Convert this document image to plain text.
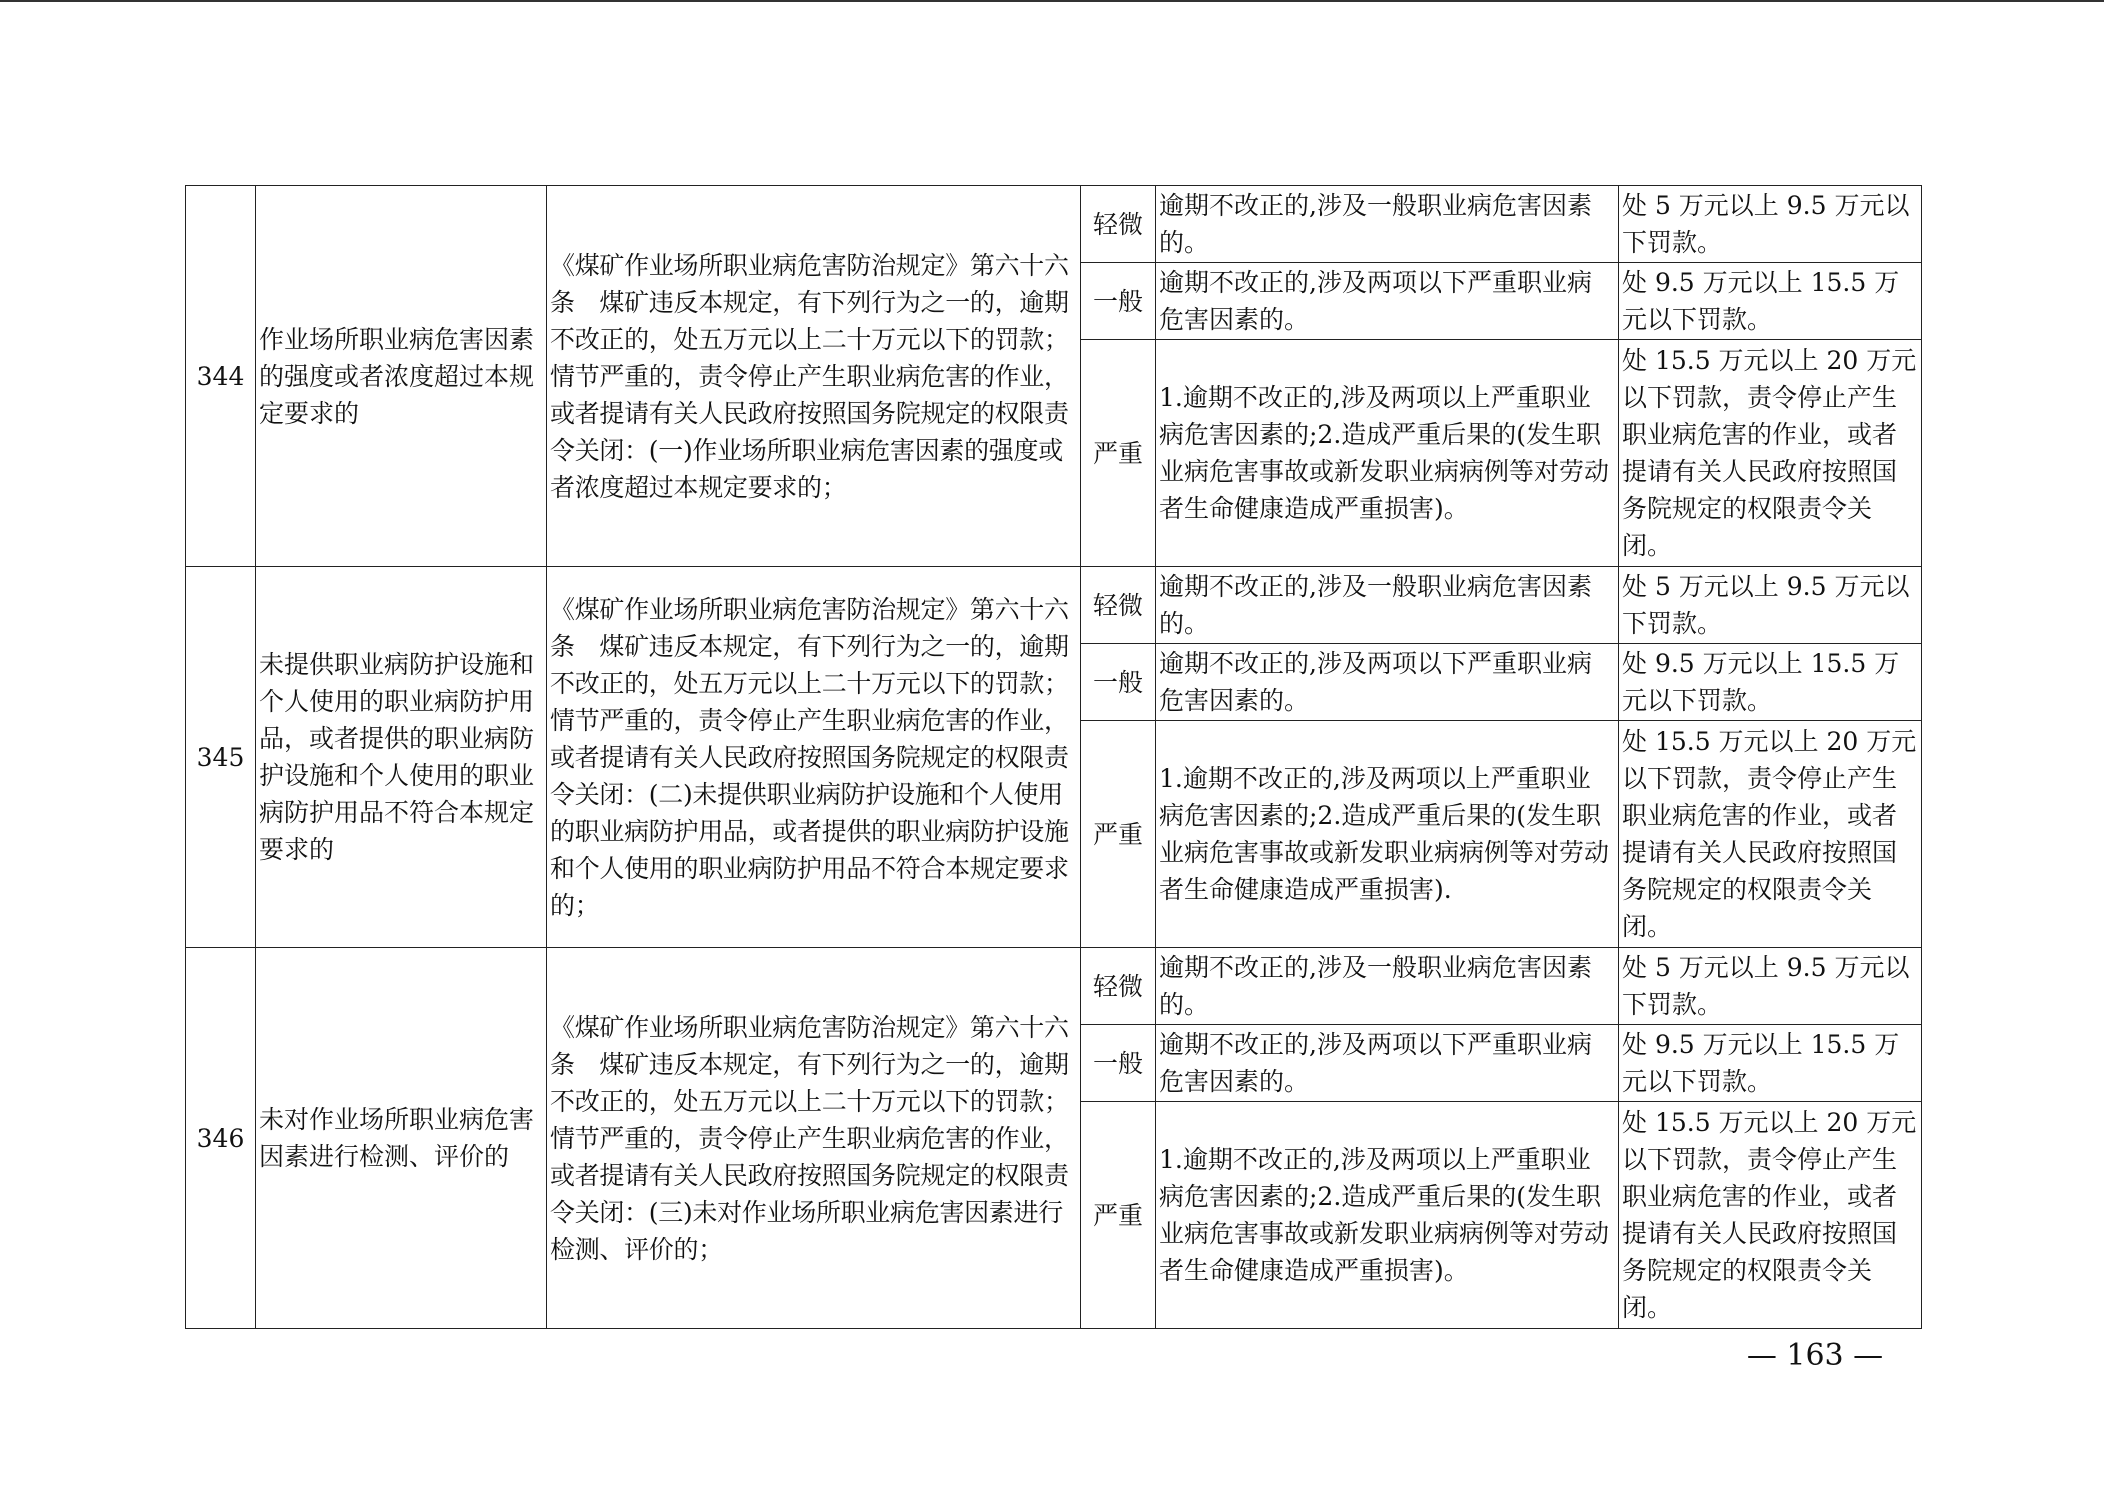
344	作业场所职业病危害因素的强度或者浓度超过本规定要求的	《煤矿作业场所职业病危害防治规定》第六十六条　煤矿违反本规定，有下列行为之一的，逾期不改正的，处五万元以上二十万元以下的罚款；情节严重的，责令停止产生职业病危害的作业，或者提请有关人民政府按照国务院规定的权限责令关闭：(一)作业场所职业病危害因素的强度或者浓度超过本规定要求的；	轻微	逾期不改正的,涉及一般职业病危害因素的。	处 5 万元以上 9.5 万元以下罚款。
			一般	逾期不改正的,涉及两项以下严重职业病危害因素的。	处 9.5 万元以上 15.5 万元以下罚款。
			严重	1.逾期不改正的,涉及两项以上严重职业病危害因素的;2.造成严重后果的(发生职业病危害事故或新发职业病病例等对劳动者生命健康造成严重损害)。	处 15.5 万元以上 20 万元以下罚款，责令停止产生职业病危害的作业，或者提请有关人民政府按照国务院规定的权限责令关闭。
345	未提供职业病防护设施和个人使用的职业病防护用品，或者提供的职业病防护设施和个人使用的职业病防护用品不符合本规定要求的	《煤矿作业场所职业病危害防治规定》第六十六条　煤矿违反本规定，有下列行为之一的，逾期不改正的，处五万元以上二十万元以下的罚款；情节严重的，责令停止产生职业病危害的作业，或者提请有关人民政府按照国务院规定的权限责令关闭：(二)未提供职业病防护设施和个人使用的职业病防护用品，或者提供的职业病防护设施和个人使用的职业病防护用品不符合本规定要求的；	轻微	逾期不改正的,涉及一般职业病危害因素的。	处 5 万元以上 9.5 万元以下罚款。
			一般	逾期不改正的,涉及两项以下严重职业病危害因素的。	处 9.5 万元以上 15.5 万元以下罚款。
			严重	1.逾期不改正的,涉及两项以上严重职业病危害因素的;2.造成严重后果的(发生职业病危害事故或新发职业病病例等对劳动者生命健康造成严重损害).	处 15.5 万元以上 20 万元以下罚款，责令停止产生职业病危害的作业，或者提请有关人民政府按照国务院规定的权限责令关闭。
346	未对作业场所职业病危害因素进行检测、评价的	《煤矿作业场所职业病危害防治规定》第六十六条　煤矿违反本规定，有下列行为之一的，逾期不改正的，处五万元以上二十万元以下的罚款；情节严重的，责令停止产生职业病危害的作业，或者提请有关人民政府按照国务院规定的权限责令关闭：(三)未对作业场所职业病危害因素进行检测、评价的；	轻微	逾期不改正的,涉及一般职业病危害因素的。	处 5 万元以上 9.5 万元以下罚款。
			一般	逾期不改正的,涉及两项以下严重职业病危害因素的。	处 9.5 万元以上 15.5 万元以下罚款。
			严重	1.逾期不改正的,涉及两项以上严重职业病危害因素的;2.造成严重后果的(发生职业病危害事故或新发职业病病例等对劳动者生命健康造成严重损害)。	处 15.5 万元以上 20 万元以下罚款，责令停止产生职业病危害的作业，或者提请有关人民政府按照国务院规定的权限责令关闭。
— 163 —
